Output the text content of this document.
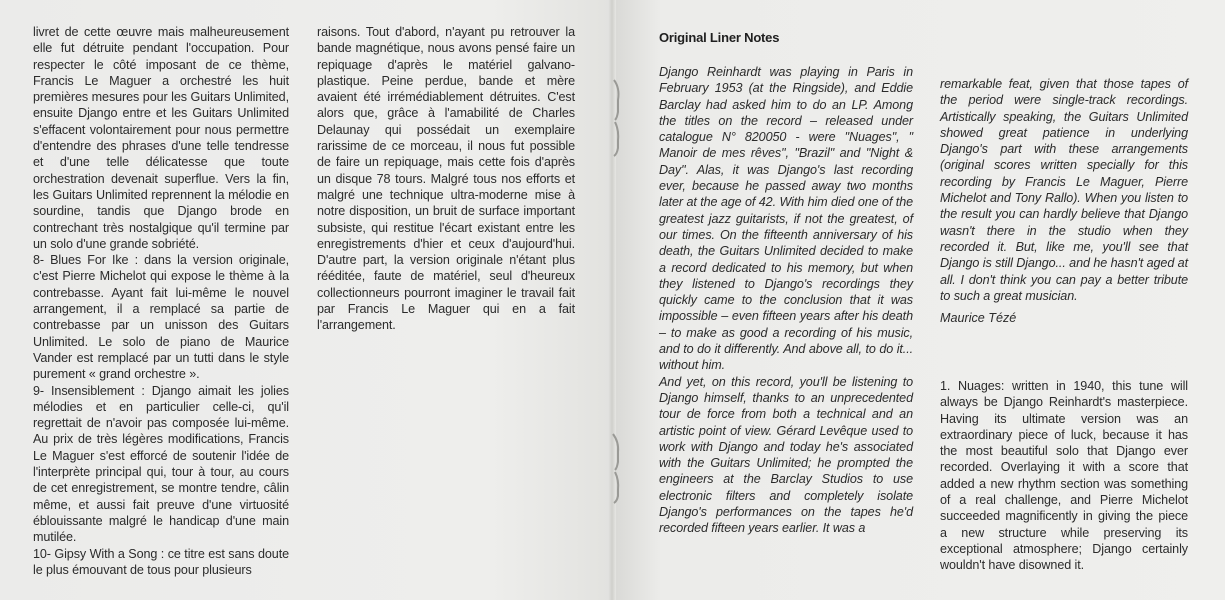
livret de cette œuvre mais malheureusement elle fut détruite pendant l'occupation. Pour respecter le côté imposant de ce thème, Francis Le Maguer a orchestré les huit premières mesures pour les Guitars Unlimited, ensuite Django entre et les Guitars Unlimited s'effacent volontairement pour nous permettre d'entendre des phrases d'une telle tendresse et d'une telle délicatesse que toute orchestration devenait superflue. Vers la fin, les Guitars Unlimited reprennent la mélodie en sourdine, tandis que Django brode en contrechant très nostalgique qu'il termine par un solo d'une grande sobriété.

8- Blues For Ike : dans la version originale, c'est Pierre Michelot qui expose le thème à la contrebasse. Ayant fait lui-même le nouvel arrangement, il a remplacé sa partie de contrebasse par un unisson des Guitars Unlimited. Le solo de piano de Maurice Vander est remplacé par un tutti dans le style purement « grand orchestre ».

9- Insensiblement : Django aimait les jolies mélodies et en particulier celle-ci, qu'il regrettait de n'avoir pas composée lui-même. Au prix de très légères modifications, Francis Le Maguer s'est efforcé de soutenir l'idée de l'interprète principal qui, tour à tour, au cours de cet enregistrement, se montre tendre, câlin même, et aussi fait preuve d'une virtuosité éblouissante malgré le handicap d'une main mutilée.

10- Gipsy With a Song : ce titre est sans doute le plus émouvant de tous pour plusieurs

raisons. Tout d'abord, n'ayant pu retrouver la bande magnétique, nous avons pensé faire un repiquage d'après le matériel galvano-plastique. Peine perdue, bande et mère avaient été irrémédiablement détruites. C'est alors que, grâce à l'amabilité de Charles Delaunay qui possédait un exemplaire rarissime de ce morceau, il nous fut possible de faire un repiquage, mais cette fois d'après un disque 78 tours. Malgré tous nos efforts et malgré une technique ultra-moderne mise à notre disposition, un bruit de surface important subsiste, qui restitue l'écart existant entre les enregistrements d'hier et ceux d'aujourd'hui. D'autre part, la version originale n'étant plus rééditée, faute de matériel, seul d'heureux collectionneurs pourront imaginer le travail fait par Francis Le Maguer qui en a fait l'arrangement.

Original Liner Notes

Django Reinhardt was playing in Paris in February 1953 (at the Ringside), and Eddie Barclay had asked him to do an LP. Among the titles on the record – released under catalogue N° 820050 - were "Nuages", " Manoir de mes rêves", "Brazil" and "Night & Day". Alas, it was Django's last recording ever, because he passed away two months later at the age of 42. With him died one of the greatest jazz guitarists, if not the greatest, of our times. On the fifteenth anniversary of his death, the Guitars Unlimited decided to make a record dedicated to his memory, but when they listened to Django's recordings they quickly came to the conclusion that it was impossible – even fifteen years after his death – to make as good a recording of his music, and to do it differently. And above all, to do it... without him.

And yet, on this record, you'll be listening to Django himself, thanks to an unprecedented tour de force from both a technical and an artistic point of view. Gérard Levêque used to work with Django and today he's associated with the Guitars Unlimited; he prompted the engineers at the Barclay Studios to use electronic filters and completely isolate Django's performances on the tapes he'd recorded fifteen years earlier. It was a

remarkable feat, given that those tapes of the period were single-track recordings. Artistically speaking, the Guitars Unlimited showed great patience in underlying Django's part with these arrangements (original scores written specially for this recording by Francis Le Maguer, Pierre Michelot and Tony Rallo). When you listen to the result you can hardly believe that Django wasn't there in the studio when they recorded it. But, like me, you'll see that Django is still Django... and he hasn't aged at all. I don't think you can pay a better tribute to such a great musician.

Maurice Tézé

1. Nuages: written in 1940, this tune will always be Django Reinhardt's masterpiece. Having its ultimate version was an extraordinary piece of luck, because it has the most beautiful solo that Django ever recorded. Overlaying it with a score that added a new rhythm section was something of a real challenge, and Pierre Michelot succeeded magnificently in giving the piece a new structure while preserving its exceptional atmosphere; Django certainly wouldn't have disowned it.
